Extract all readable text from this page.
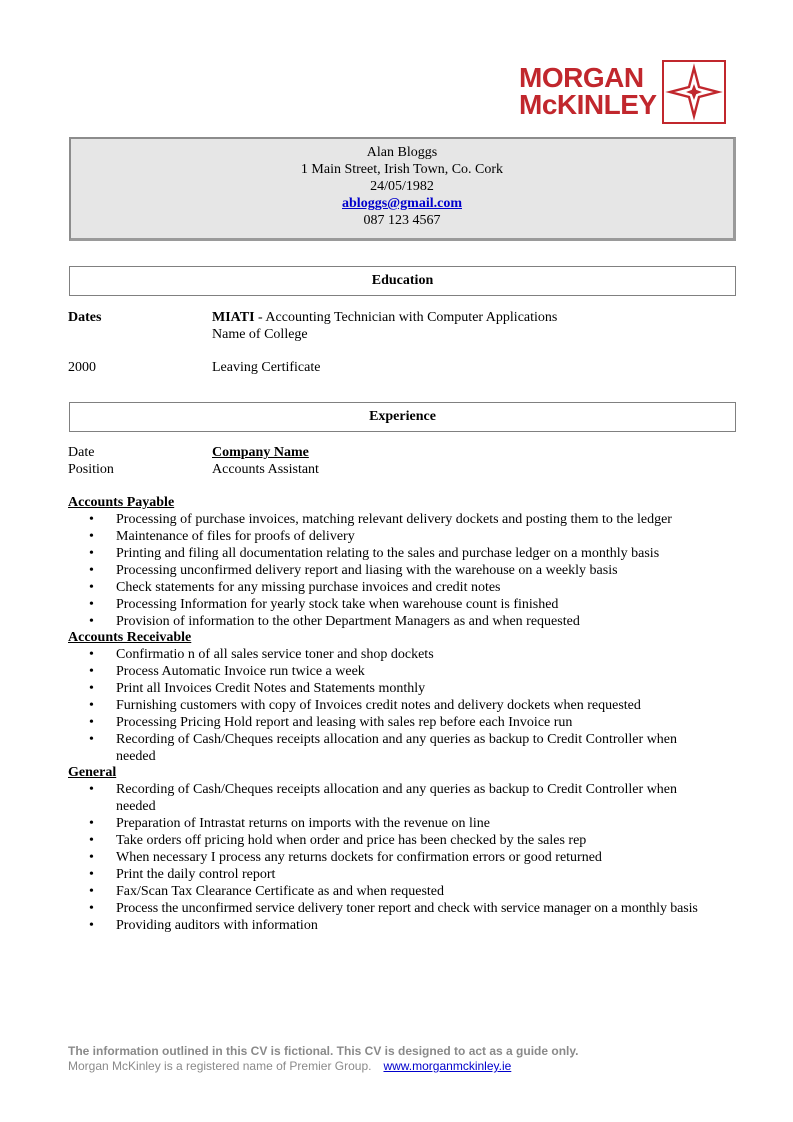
MORGAN
McKINLEY
Alan Bloggs
1 Main Street, Irish Town, Co. Cork
24/05/1982
abloggs@gmail.com
087 123 4567
Education
Dates	MIATI - Accounting Technician with Computer Applications
Name of College
2000	Leaving Certificate
Experience
Date	Company Name
Position	Accounts Assistant
Accounts Payable
• Processing of purchase invoices, matching relevant delivery dockets and posting them to the ledger
• Maintenance of files for proofs of delivery
• Printing and filing all documentation relating to the sales and purchase ledger on a monthly basis
• Processing unconfirmed delivery report and liasing with the warehouse on a weekly basis
• Check statements for any missing purchase invoices and credit notes
• Processing Information for yearly stock take when warehouse count is finished
• Provision of information to the other Department Managers as and when requested
Accounts Receivable
• Confirmatio n of all sales service toner and shop dockets
• Process Automatic Invoice run twice a week
• Print all Invoices Credit Notes and Statements monthly
• Furnishing customers with copy of Invoices credit notes and delivery dockets when requested
• Processing Pricing Hold report and leasing with sales rep before each Invoice run
• Recording of Cash/Cheques receipts allocation and any queries as backup to Credit Controller when needed
General
• Recording of Cash/Cheques receipts allocation and any queries as backup to Credit Controller when needed
• Preparation of Intrastat returns on imports with the revenue on line
• Take orders off pricing hold when order and price has been checked by the sales rep
• When necessary I process any returns dockets for confirmation errors or good returned
• Print the daily control report
• Fax/Scan Tax Clearance Certificate as and when requested
• Process the unconfirmed service delivery toner report and check with service manager on a monthly basis
• Providing auditors with information
The information outlined in this CV is fictional. This CV is designed to act as a guide only.
Morgan McKinley is a registered name of Premier Group. www.morganmckinley.ie
